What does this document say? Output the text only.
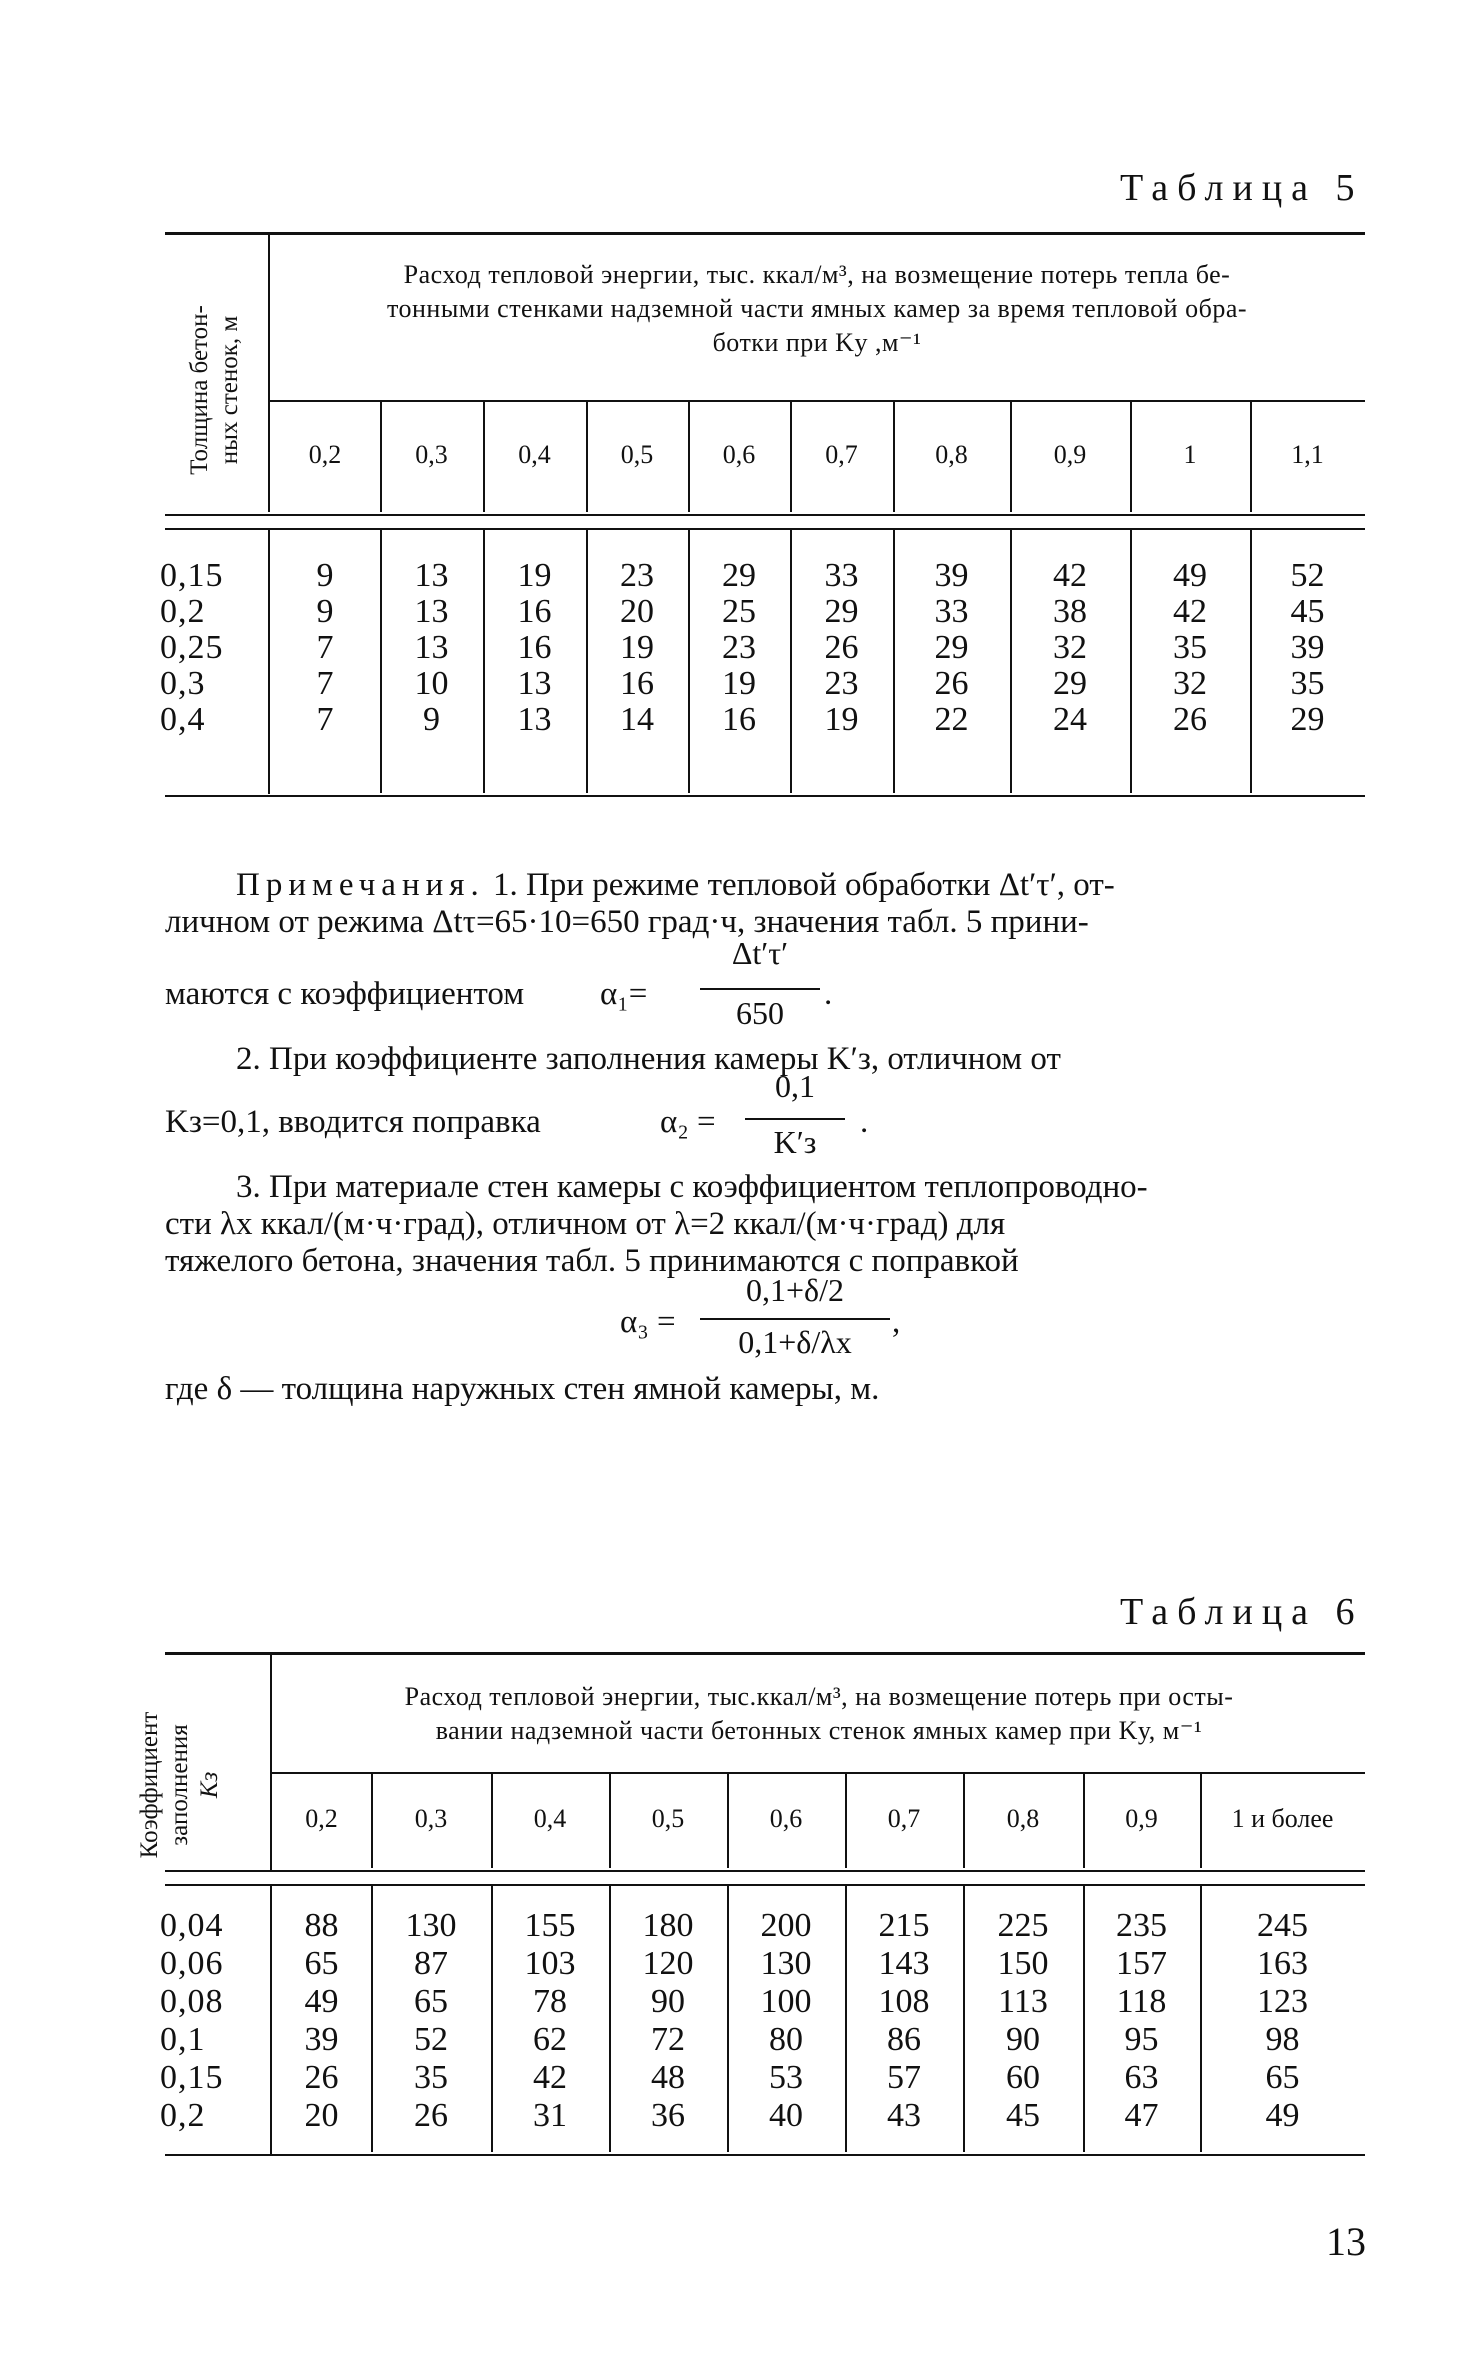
Таблица 5
Толщина бетон- ных стенок, м
Расход тепловой энергии, тыс. ккал/м³, на возмещение потерь тепла бе-
тонными стенками надземной части ямных камер за время тепловой обра-
ботки при Kу ,м⁻¹
0,2	0,3	0,4	0,5	0,6	0,7	0,8	0,9	1	1,1
0,15	9	13	19	23	29	33	39	42	49	52
0,2	9	13	16	20	25	29	33	38	42	45
0,25	7	13	16	19	23	26	29	32	35	39
0,3	7	10	13	16	19	23	26	29	32	35
0,4	7	9	13	14	16	19	22	24	26	29
Примечания. 1. При режиме тепловой обработки Δt′τ′, от-
личном от режима Δtτ=65·10=650 град·ч, значения табл. 5 прини-
маются с коэффициентом α₁=
Δt′τ′
650
.
2. При коэффициенте заполнения камеры K′з, отличном от
Kз=0,1, вводится поправка	α₂ =
0,1
K′з
.
3. При материале стен камеры с коэффициентом теплопроводно-
сти λx ккал/(м·ч·град), отличном от λ=2 ккал/(м·ч·град) для
тяжелого бетона, значения табл. 5 принимаются с поправкой
α₃ =
0,1+δ/2
0,1+δ/λx
,
где δ — толщина наружных стен ямной камеры, м.
Таблица 6
Коэффициент заполнения Kз
Расход тепловой энергии, тыс.ккал/м³, на возмещение потерь при осты-
вании надземной части бетонных стенок ямных камер при Kу, м⁻¹
0,2	0,3	0,4	0,5	0,6	0,7	0,8	0,9	1 и более
0,04	88	130	155	180	200	215	225	235	245
0,06	65	87	103	120	130	143	150	157	163
0,08	49	65	78	90	100	108	113	118	123
0,1	39	52	62	72	80	86	90	95	98
0,15	26	35	42	48	53	57	60	63	65
0,2	20	26	31	36	40	43	45	47	49
13
